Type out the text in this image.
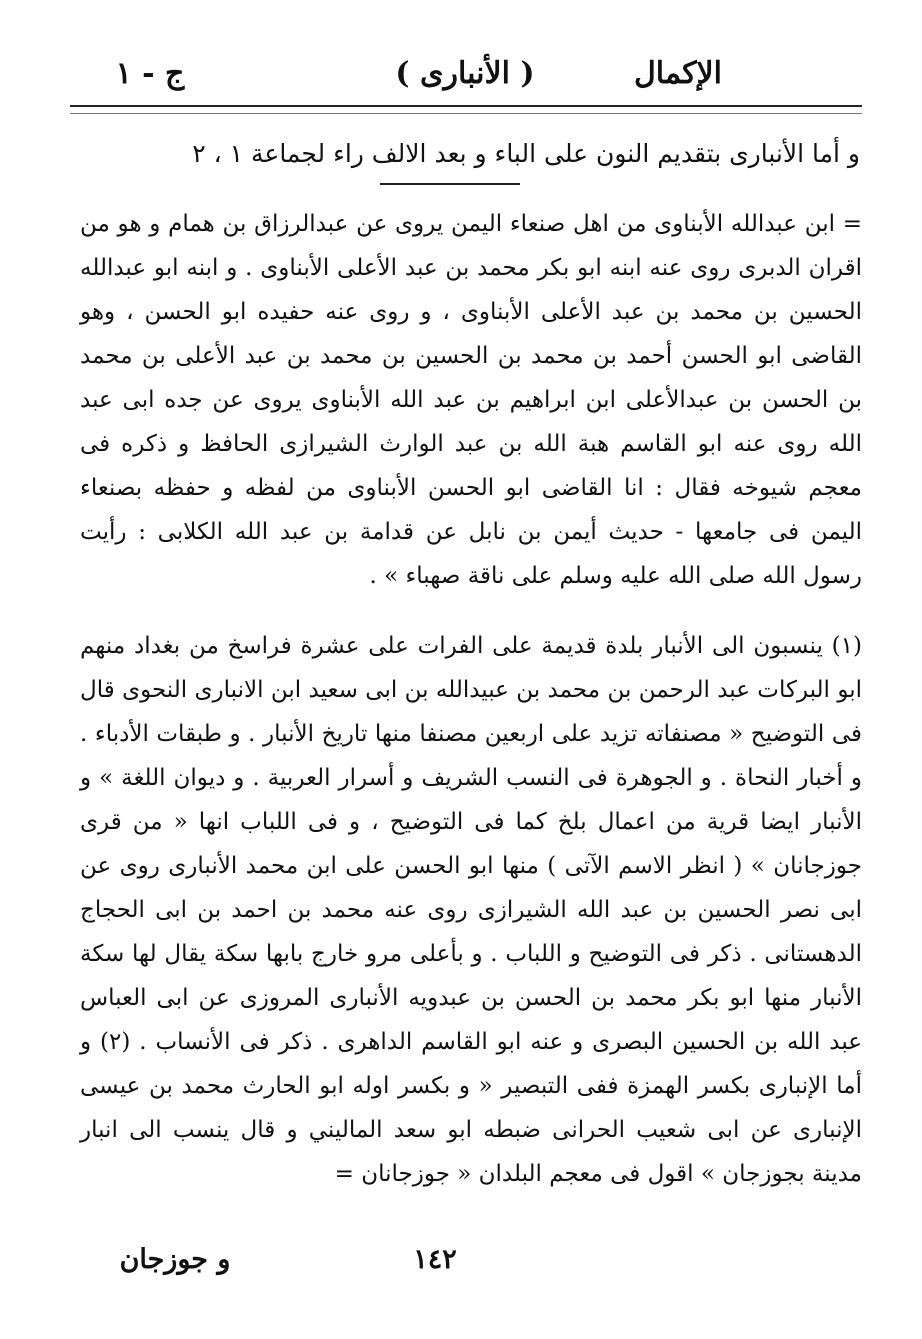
الإكمال
( الأنبارى )
ج - ١
و أما الأنبارى بتقديم النون على الباء و بعد الالف راء لجماعة ١ ، ٢
= ابن عبدالله الأبناوى من اهل صنعاء اليمن يروى عن عبدالرزاق بن همام و هو من اقران الدبرى روى عنه ابنه ابو بكر محمد بن عبد الأعلى الأبناوى . و ابنه ابو عبدالله الحسين بن محمد بن عبد الأعلى الأبناوى ، و روى عنه حفيده ابو الحسن ، وهو القاضى ابو الحسن أحمد بن محمد بن الحسين بن محمد بن عبد الأعلى بن محمد بن الحسن بن عبدالأعلى ابن ابراهيم بن عبد الله الأبناوى يروى عن جده ابى عبد الله روى عنه ابو القاسم هبة الله بن عبد الوارث الشيرازى الحافظ و ذكره فى معجم شيوخه فقال : انا القاضى ابو الحسن الأبناوى من لفظه و حفظه بصنعاء اليمن فى جامعها - حديث أيمن بن نابل عن قدامة بن عبد الله الكلابى : رأيت رسول الله صلى الله عليه وسلم على ناقة صهباء » .
(١) ينسبون الى الأنبار بلدة قديمة على الفرات على عشرة فراسخ من بغداد منهم ابو البركات عبد الرحمن بن محمد بن عبيدالله بن ابى سعيد ابن الانبارى النحوى قال فى التوضيح « مصنفاته تزيد على اربعين مصنفا منها تاريخ الأنبار . و طبقات الأدباء . و أخبار النحاة . و الجوهرة فى النسب الشريف و أسرار العربية . و ديوان اللغة » و الأنبار ايضا قرية من اعمال بلخ كما فى التوضيح ، و فى اللباب انها « من قرى جوزجانان » ( انظر الاسم الآتى ) منها ابو الحسن على ابن محمد الأنبارى روى عن ابى نصر الحسين بن عبد الله الشيرازى روى عنه محمد بن احمد بن ابى الحجاج الدهستانى . ذكر فى التوضيح و اللباب . و بأعلى مرو خارج بابها سكة يقال لها سكة الأنبار منها ابو بكر محمد بن الحسن بن عبدويه الأنبارى المروزى عن ابى العباس عبد الله بن الحسين البصرى و عنه ابو القاسم الداهرى . ذكر فى الأنساب . (٢) و أما الإنبارى بكسر الهمزة ففى التبصير « و بكسر اوله ابو الحارث محمد بن عيسى الإنبارى عن ابى شعيب الحرانى ضبطه ابو سعد الماليني و قال ينسب الى انبار مدينة بجوزجان » اقول فى معجم البلدان « جوزجانان =
١٤٢
و جوزجان
